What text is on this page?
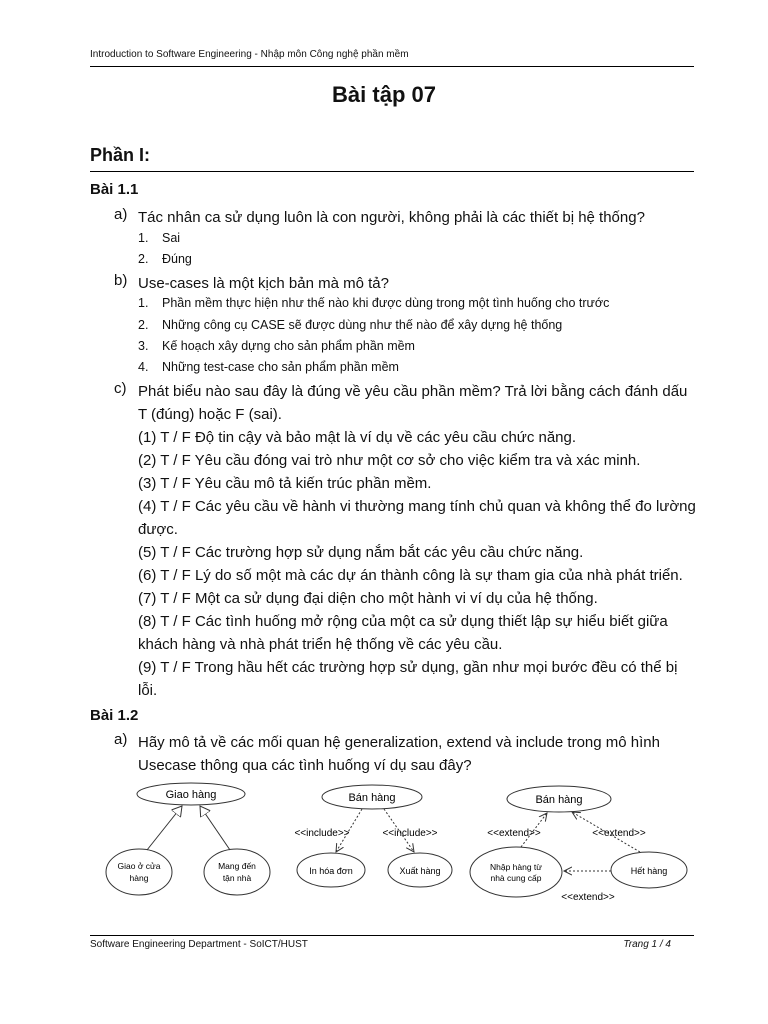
Introduction to Software Engineering - Nhập môn Công nghệ phần mềm
Bài tập 07
Phần I:
Bài 1.1
a) Tác nhân ca sử dụng luôn là con người, không phải là các thiết bị hệ thống?
1. Sai
2. Đúng
b) Use-cases là một kịch bản mà mô tả?
1. Phần mềm thực hiện như thế nào khi được dùng trong một tình huống cho trước
2. Những công cụ CASE sẽ được dùng như thế nào để xây dựng hệ thống
3. Kế hoạch xây dựng cho sản phẩm phần mềm
4. Những test-case cho sản phẩm phần mềm
c) Phát biểu nào sau đây là đúng về yêu cầu phần mềm? Trả lời bằng cách đánh dấu T (đúng) hoặc F (sai).
(1) T / F Độ tin cậy và bảo mật là ví dụ về các yêu cầu chức năng.
(2) T / F Yêu cầu đóng vai trò như một cơ sở cho việc kiểm tra và xác minh.
(3) T / F Yêu cầu mô tả kiến trúc phần mềm.
(4) T / F Các yêu cầu về hành vi thường mang tính chủ quan và không thể đo lường được.
(5) T / F Các trường hợp sử dụng nắm bắt các yêu cầu chức năng.
(6) T / F Lý do số một mà các dự án thành công là sự tham gia của nhà phát triển.
(7) T / F Một ca sử dụng đại diện cho một hành vi ví dụ của hệ thống.
(8) T / F Các tình huống mở rộng của một ca sử dụng thiết lập sự hiểu biết giữa khách hàng và nhà phát triển hệ thống về các yêu cầu.
(9) T / F Trong hầu hết các trường hợp sử dụng, gần như mọi bước đều có thể bị lỗi.
Bài 1.2
a) Hãy mô tả về các mối quan hệ generalization, extend và include trong mô hình Usecase thông qua các tình huống ví dụ sau đây?
Giao hàng
Giao ở cửa
hàng
Mang đến
tận nhà
Bán hàng
In hóa đơn	Xuất hàng
<<include>>	<<include>>
Bán hàng
Nhập hàng từ
nhà cung cấp
Hết hàng
<<extend>>	<<extend>>
<<extend>>
Software Engineering Department - SoICT/HUST	Trang 1 / 4
